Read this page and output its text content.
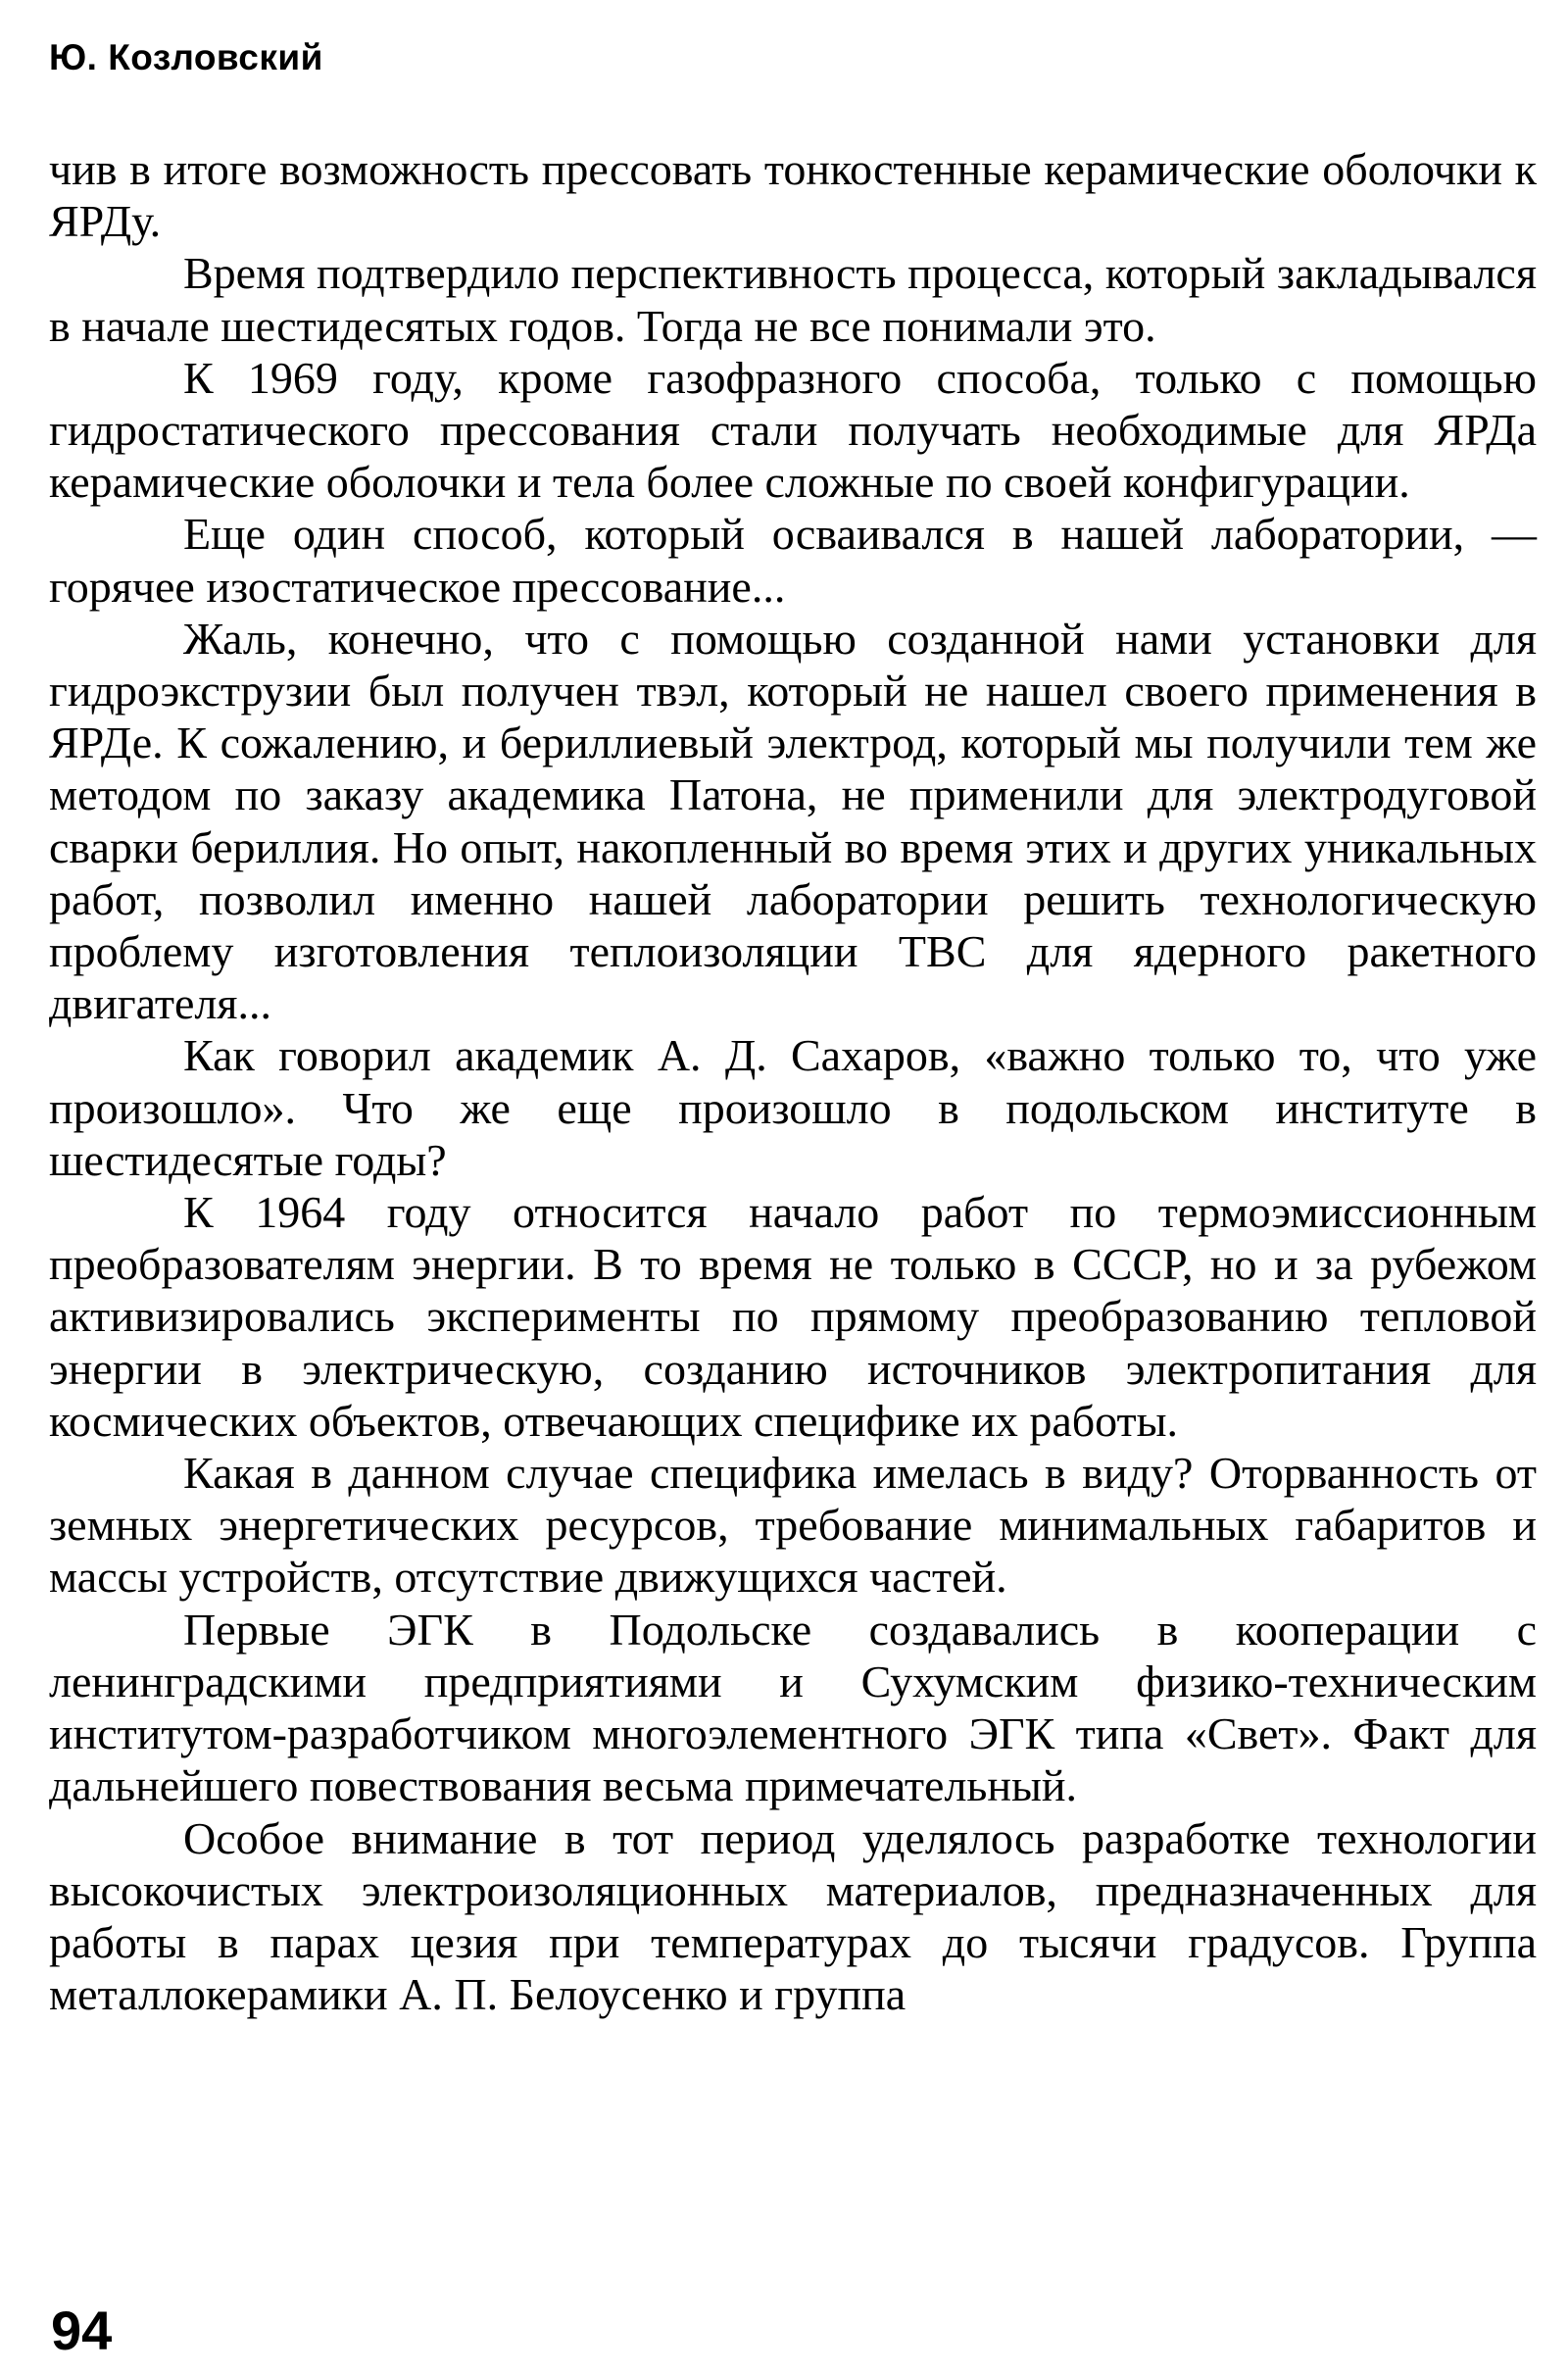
Ю. Козловский

чив в итоге возможность прессовать тонкостенные керамические оболочки к ЯРДу.

Время подтвердило перспективность процесса, который закладывался в начале шестидесятых годов. Тогда не все понимали это.

К 1969 году, кроме газофразного способа, только с помощью гидростатического прессования стали получать необходимые для ЯРДа керамические оболочки и тела более сложные по своей конфигурации.

Еще один способ, который осваивался в нашей лаборатории, — горячее изостатическое прессование...

Жаль, конечно, что с помощью созданной нами установки для гидроэкструзии был получен твэл, который не нашел своего применения в ЯРДе. К сожалению, и бериллиевый электрод, который мы получили тем же методом по заказу академика Патона, не применили для электродуговой сварки бериллия. Но опыт, накопленный во время этих и других уникальных работ, позволил именно нашей лаборатории решить технологическую проблему изготовления теплоизоляции ТВС для ядерного ракетного двигателя...

Как говорил академик А. Д. Сахаров, «важно только то, что уже произошло». Что же еще произошло в подольском институте в шестидесятые годы?

К 1964 году относится начало работ по термоэмиссионным преобразователям энергии. В то время не только в СССР, но и за рубежом активизировались эксперименты по прямому преобразованию тепловой энергии в электрическую, созданию источников электропитания для космических объектов, отвечающих специфике их работы.

Какая в данном случае специфика имелась в виду? Оторванность от земных энергетических ресурсов, требование минимальных габаритов и массы устройств, отсутствие движущихся частей.

Первые ЭГК в Подольске создавались в кооперации с ленинградскими предприятиями и Сухумским физико-техническим институтом-разработчиком многоэлементного ЭГК типа «Свет». Факт для дальнейшего повествования весьма примечательный.

Особое внимание в тот период уделялось разработке технологии высокочистых электроизоляционных материалов, предназначенных для работы в парах цезия при температурах до тысячи градусов. Группа металлокерамики А. П. Белоусенко и группа

94
